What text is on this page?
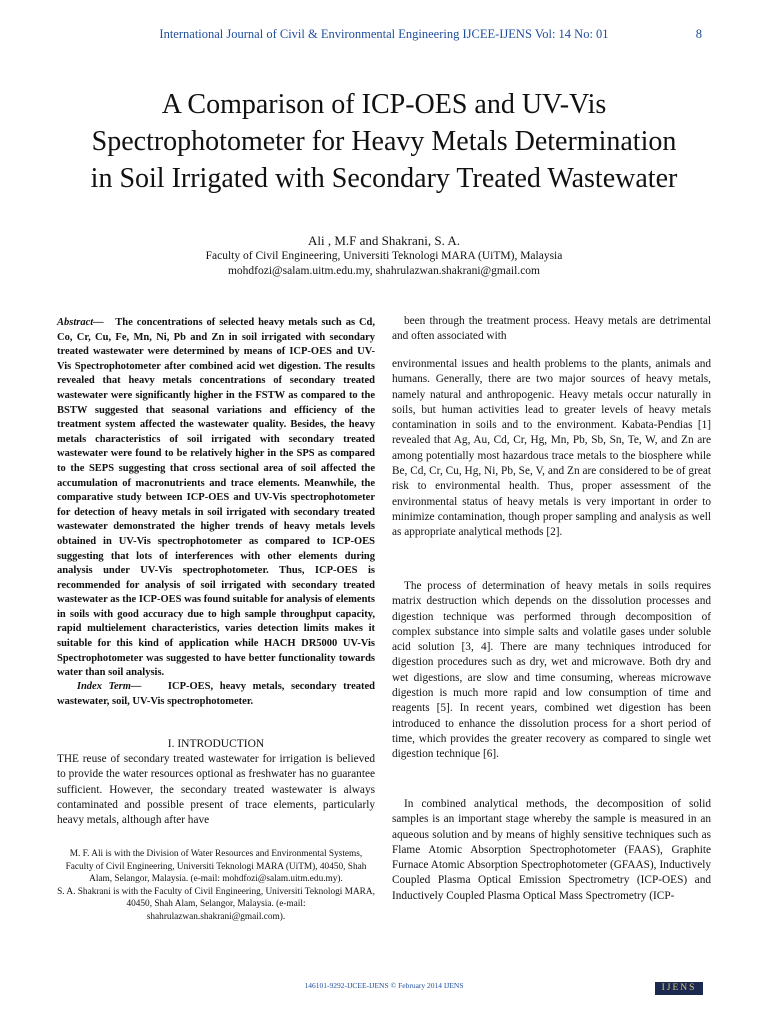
International Journal of Civil & Environmental Engineering IJCEE-IJENS Vol: 14 No: 01	8
A Comparison of ICP-OES and UV-Vis Spectrophotometer for Heavy Metals Determination in Soil Irrigated with Secondary Treated Wastewater
Ali , M.F and Shakrani, S. A.
Faculty of Civil Engineering, Universiti Teknologi MARA (UiTM), Malaysia
mohdfozi@salam.uitm.edu.my, shahrulazwan.shakrani@gmail.com
Abstract— The concentrations of selected heavy metals such as Cd, Co, Cr, Cu, Fe, Mn, Ni, Pb and Zn in soil irrigated with secondary treated wastewater were determined by means of ICP-OES and UV-Vis Spectrophotometer after combined acid wet digestion. The results revealed that heavy metals concentrations of secondary treated wastewater were significantly higher in the FSTW as compared to the BSTW suggested that seasonal variations and efficiency of the treatment system affected the wastewater quality. Besides, the heavy metals characteristics of soil irrigated with secondary treated wastewater were found to be relatively higher in the SPS as compared to the SEPS suggesting that cross sectional area of soil affected the accumulation of macronutrients and trace elements. Meanwhile, the comparative study between ICP-OES and UV-Vis spectrophotometer for detection of heavy metals in soil irrigated with secondary treated wastewater demonstrated the higher trends of heavy metals levels obtained in UV-Vis spectrophotometer as compared to ICP-OES suggesting that lots of interferences with other elements during analysis under UV-Vis spectrophotometer. Thus, ICP-OES is recommended for analysis of soil irrigated with secondary treated wastewater as the ICP-OES was found suitable for analysis of elements in soils with good accuracy due to high sample throughput capacity, rapid multielement characteristics, varies detection limits makes it suitable for this kind of application while HACH DR5000 UV-Vis Spectrophotometer was suggested to have better functionality towards water than soil analysis.
Index Term—	ICP-OES, heavy metals, secondary treated wastewater, soil, UV-Vis spectrophotometer.
I. INTRODUCTION

THE reuse of secondary treated wastewater for irrigation is believed to provide the water resources optional as freshwater has no guarantee sufficient. However, the secondary treated wastewater is always contaminated and possible present of trace elements, particularly heavy metals, although after have

M. F. Ali is with the Division of Water Resources and Environmental Systems, Faculty of Civil Engineering, Universiti Teknologi MARA (UiTM), 40450, Shah Alam, Selangor, Malaysia. (e-mail: mohdfozi@salam.uitm.edu.my).

S. A. Shakrani is with the Faculty of Civil Engineering, Universiti Teknologi MARA, 40450, Shah Alam, Selangor, Malaysia. (e-mail: shahrulazwan.shakrani@gmail.com).

been through the treatment process. Heavy metals are detrimental and often associated with

environmental issues and health problems to the plants, animals and humans. Generally, there are two major sources of heavy metals, namely natural and anthropogenic. Heavy metals occur naturally in soils, but human activities lead to greater levels of heavy metals contamination in soils and to the environment. Kabata-Pendias [1] revealed that Ag, Au, Cd, Cr, Hg, Mn, Pb, Sb, Sn, Te, W, and Zn are among potentially most hazardous trace metals to the biosphere while Be, Cd, Cr, Cu, Hg, Ni, Pb, Se, V, and Zn are considered to be of great risk to environmental health. Thus, proper assessment of the environmental status of heavy metals is very important in order to minimize contamination, though proper sampling and analysis as well as appropriate analytical methods [2].

The process of determination of heavy metals in soils requires matrix destruction which depends on the dissolution processes and digestion technique was performed through decomposition of complex substance into simple salts and volatile gases under soluble acid solution [3, 4]. There are many techniques introduced for digestion procedures such as dry, wet and microwave. Both dry and wet digestions, are slow and time consuming, whereas microwave digestion is much more rapid and low consumption of time and reagents [5]. In recent years, combined wet digestion has been introduced to enhance the dissolution process for a short period of time, which provides the greater recovery as compared to single wet digestion technique [6].

In combined analytical methods, the decomposition of solid samples is an important stage whereby the sample is measured in an aqueous solution and by means of highly sensitive techniques such as Flame Atomic Absorption Spectrophotometer (FAAS), Graphite Furnace Atomic Absorption Spectrophotometer (GFAAS), Inductively Coupled Plasma Optical Emission Spectrometry (ICP-OES) and Inductively Coupled Plasma Optical Mass Spectrometry (ICP-

146101-9292-IJCEE-IJENS © February 2014 IJENS	IJENS
